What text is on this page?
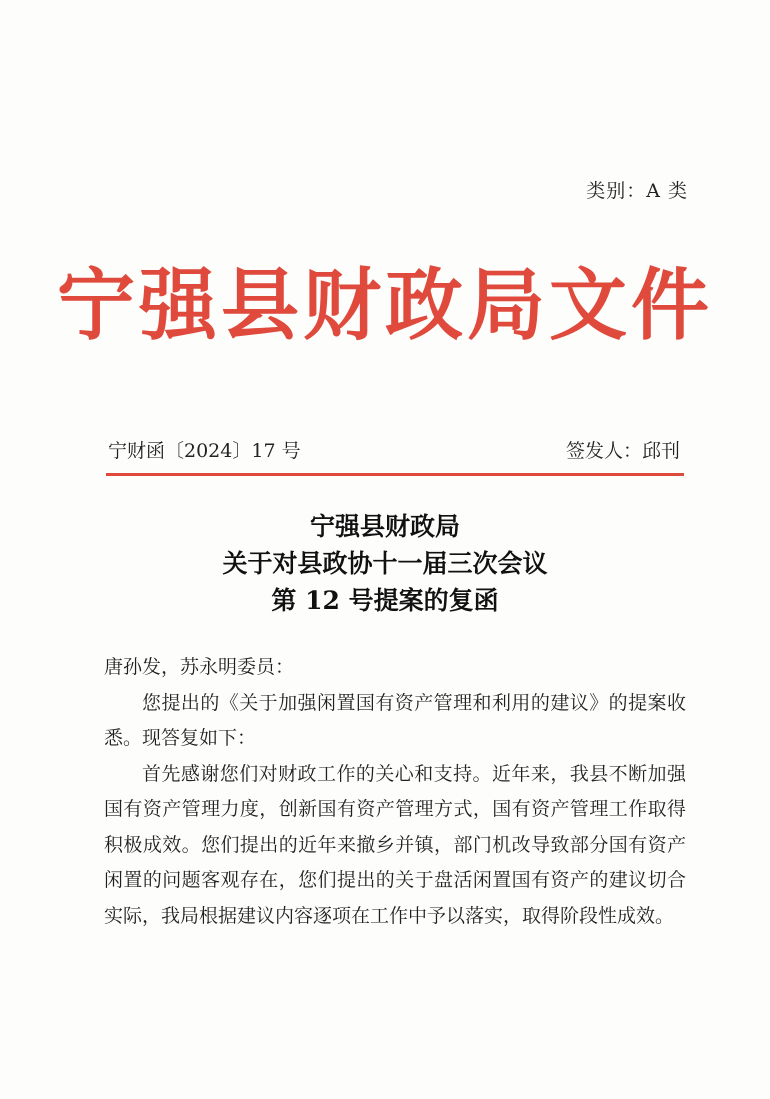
类别：A 类
宁强县财政局文件
宁财函〔2024〕17 号	签发人：邱刊
宁强县财政局
关于对县政协十一届三次会议
第 12 号提案的复函

唐孙发，苏永明委员：

您提出的《关于加强闲置国有资产管理和利用的建议》的提案收悉。现答复如下：

首先感谢您们对财政工作的关心和支持。近年来，我县不断加强国有资产管理力度，创新国有资产管理方式，国有资产管理工作取得积极成效。您们提出的近年来撤乡并镇，部门机改导致部分国有资产闲置的问题客观存在，您们提出的关于盘活闲置国有资产的建议切合实际，我局根据建议内容逐项在工作中予以落实，取得阶段性成效。
